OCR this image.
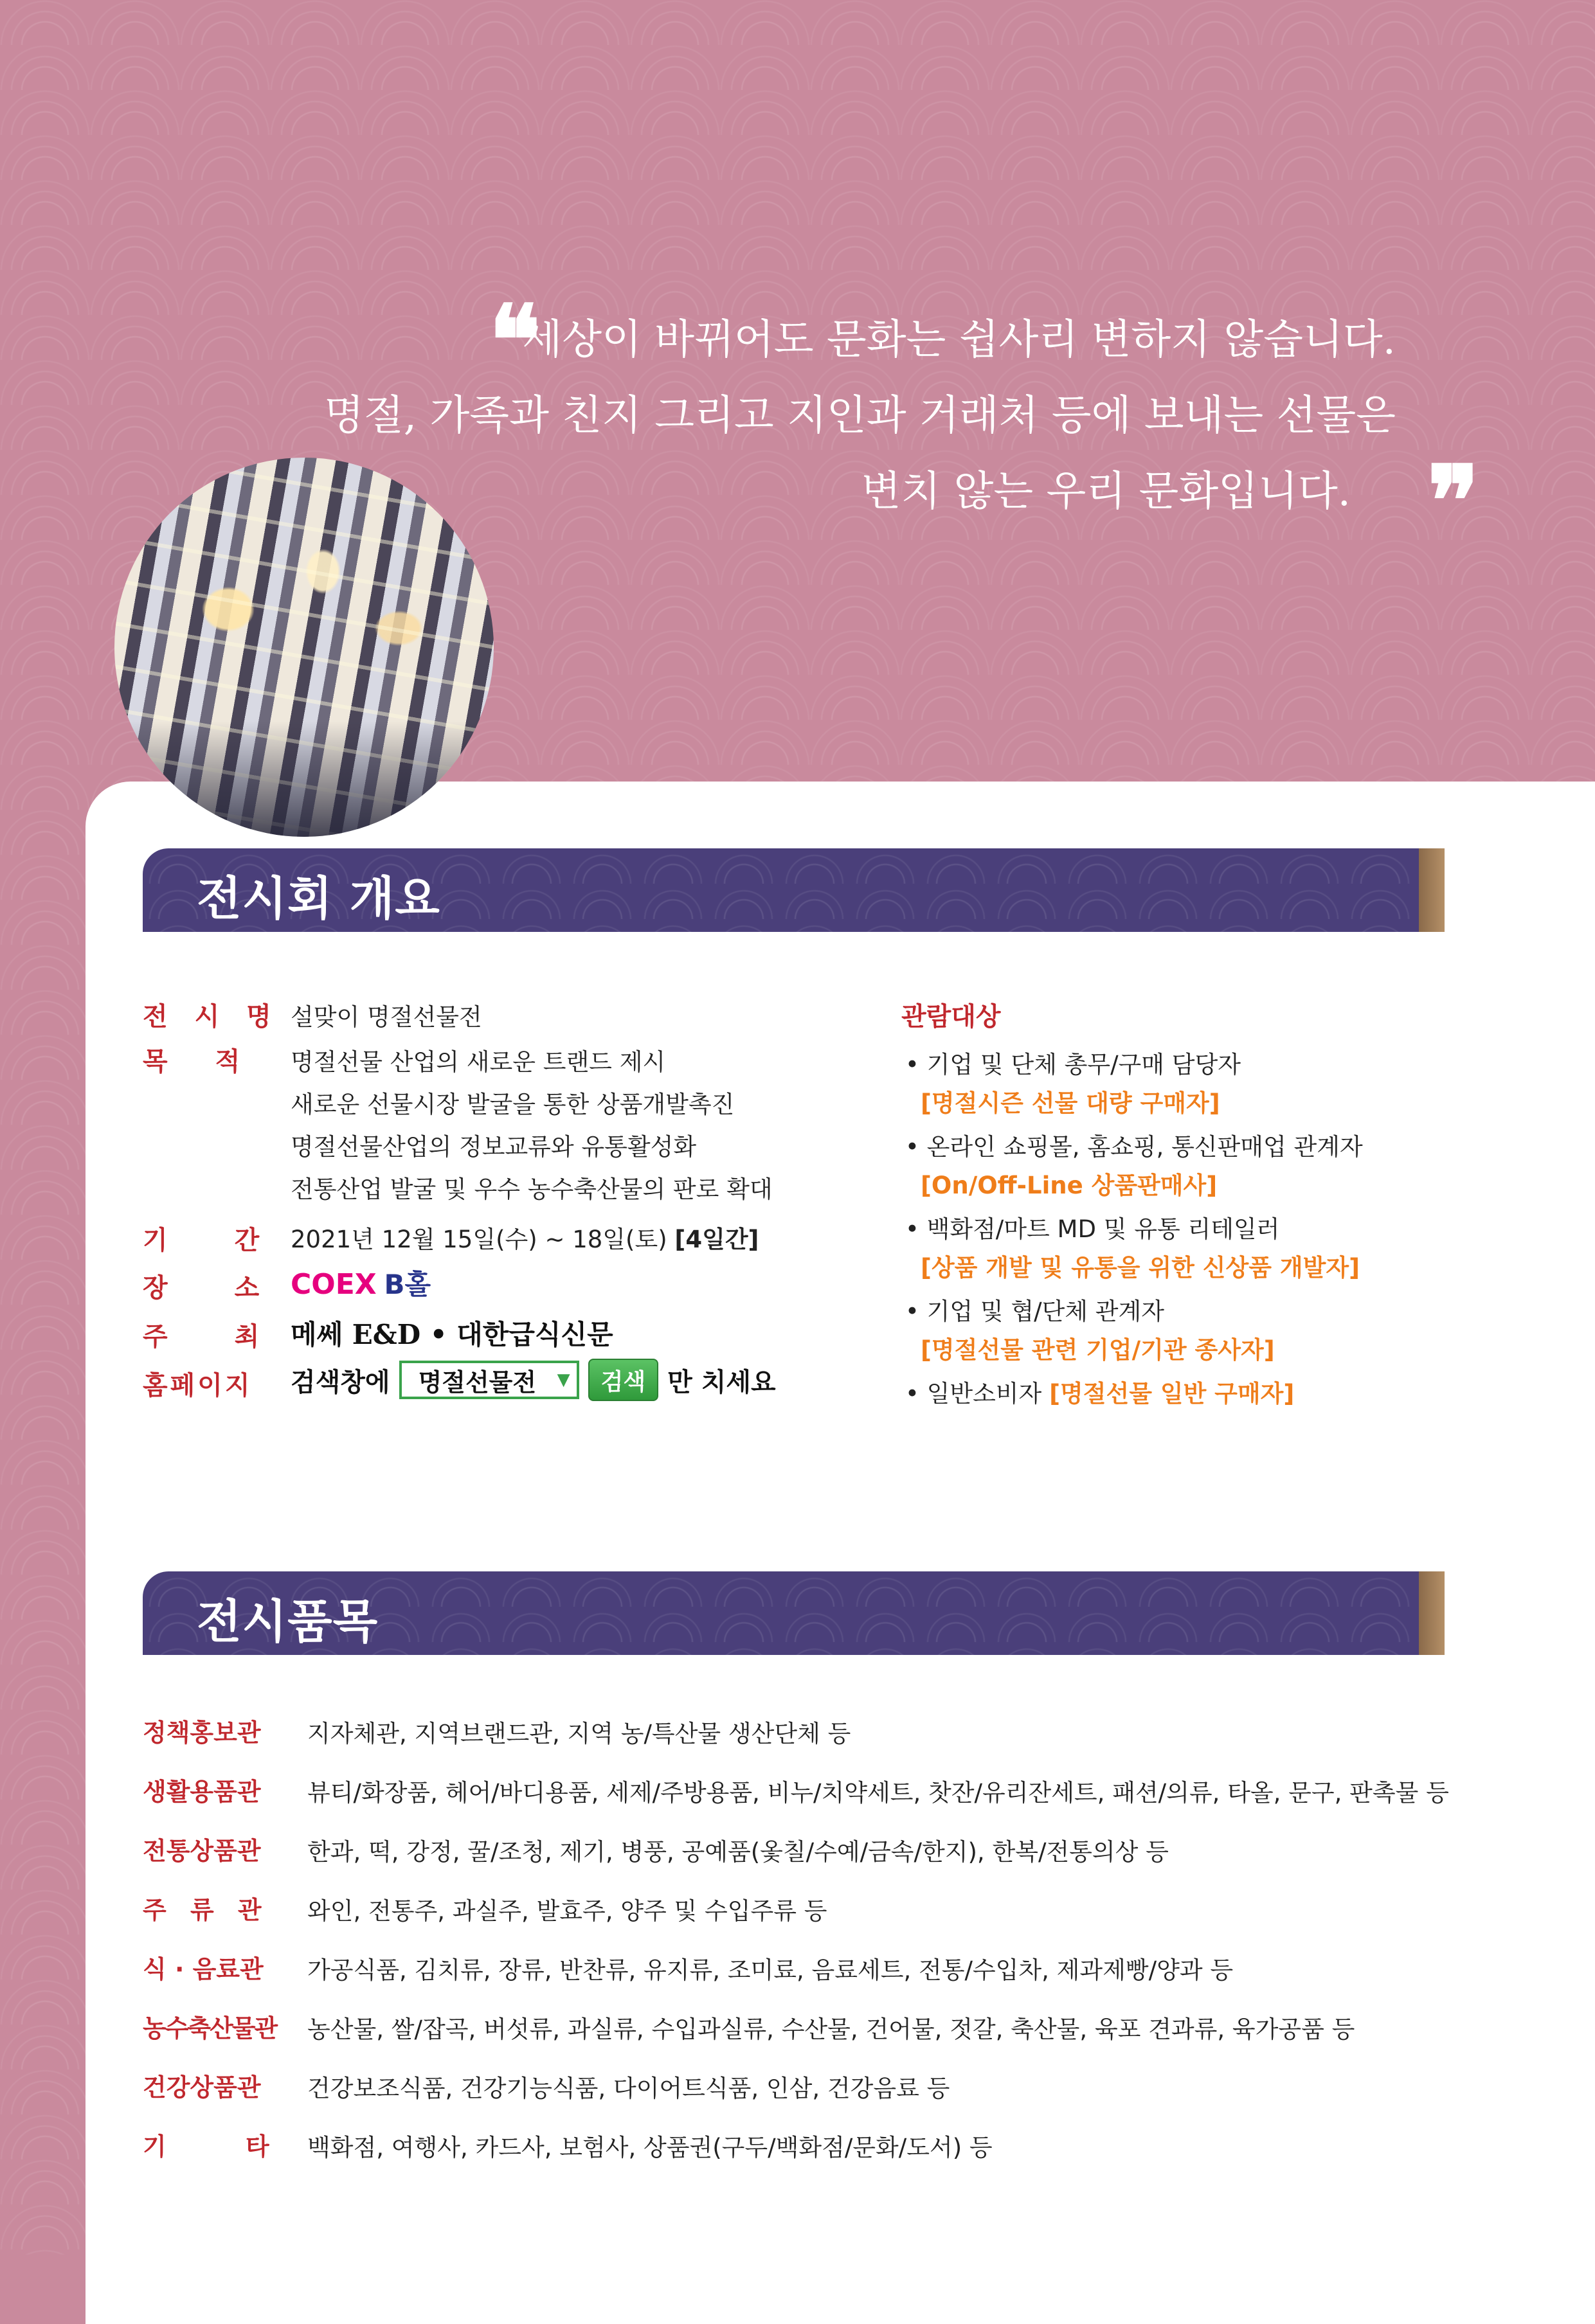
❝
세상이 바뀌어도 문화는 쉽사리 변하지 않습니다.
명절, 가족과 친지 그리고 지인과 거래처 등에 보내는 선물은
변치 않는 우리 문화입니다. ❞
전시회 개요
전 시 명 설맞이 명절선물전
목 적 명절선물 산업의 새로운 트랜드 제시
새로운 선물시장 발굴을 통한 상품개발촉진
명절선물산업의 정보교류와 유통활성화
전통산업 발굴 및 우수 농수축산물의 판로 확대
기 간 2021년 12월 15일(수) ~ 18일(토) [4일간]
장 소 COEX B홀
주 최 메쎄 E&D • 대한급식신문
홈페이지 검색창에 명절선물전 ▼	검색 만 치세요
관람대상
• 기업 및 단체 총무/구매 담당자
[명절시즌 선물 대량 구매자]
• 온라인 쇼핑몰, 홈쇼핑, 통신판매업 관계자
[On/Off-Line 상품판매사]
• 백화점/마트 MD 및 유통 리테일러
[상품 개발 및 유통을 위한 신상품 개발자]
• 기업 및 협/단체 관계자
[명절선물 관련 기업/기관 종사자]
• 일반소비자 [명절선물 일반 구매자]
전시품목
정책홍보관 지자체관, 지역브랜드관, 지역 농/특산물 생산단체 등
생활용품관 뷰티/화장품, 헤어/바디용품, 세제/주방용품, 비누/치약세트, 찻잔/유리잔세트, 패션/의류, 타올, 문구, 판촉물 등
전통상품관 한과, 떡, 강정, 꿀/조청, 제기, 병풍, 공예품(옻칠/수예/금속/한지), 한복/전통의상 등
주 류 관 와인, 전통주, 과실주, 발효주, 양주 및 수입주류 등
식 · 음료관 가공식품, 김치류, 장류, 반찬류, 유지류, 조미료, 음료세트, 전통/수입차, 제과제빵/양과 등
농수축산물관 농산물, 쌀/잡곡, 버섯류, 과실류, 수입과실류, 수산물, 건어물, 젓갈, 축산물, 육포 견과류, 육가공품 등
건강상품관 건강보조식품, 건강기능식품, 다이어트식품, 인삼, 건강음료 등
기 타 백화점, 여행사, 카드사, 보험사, 상품권(구두/백화점/문화/도서) 등
